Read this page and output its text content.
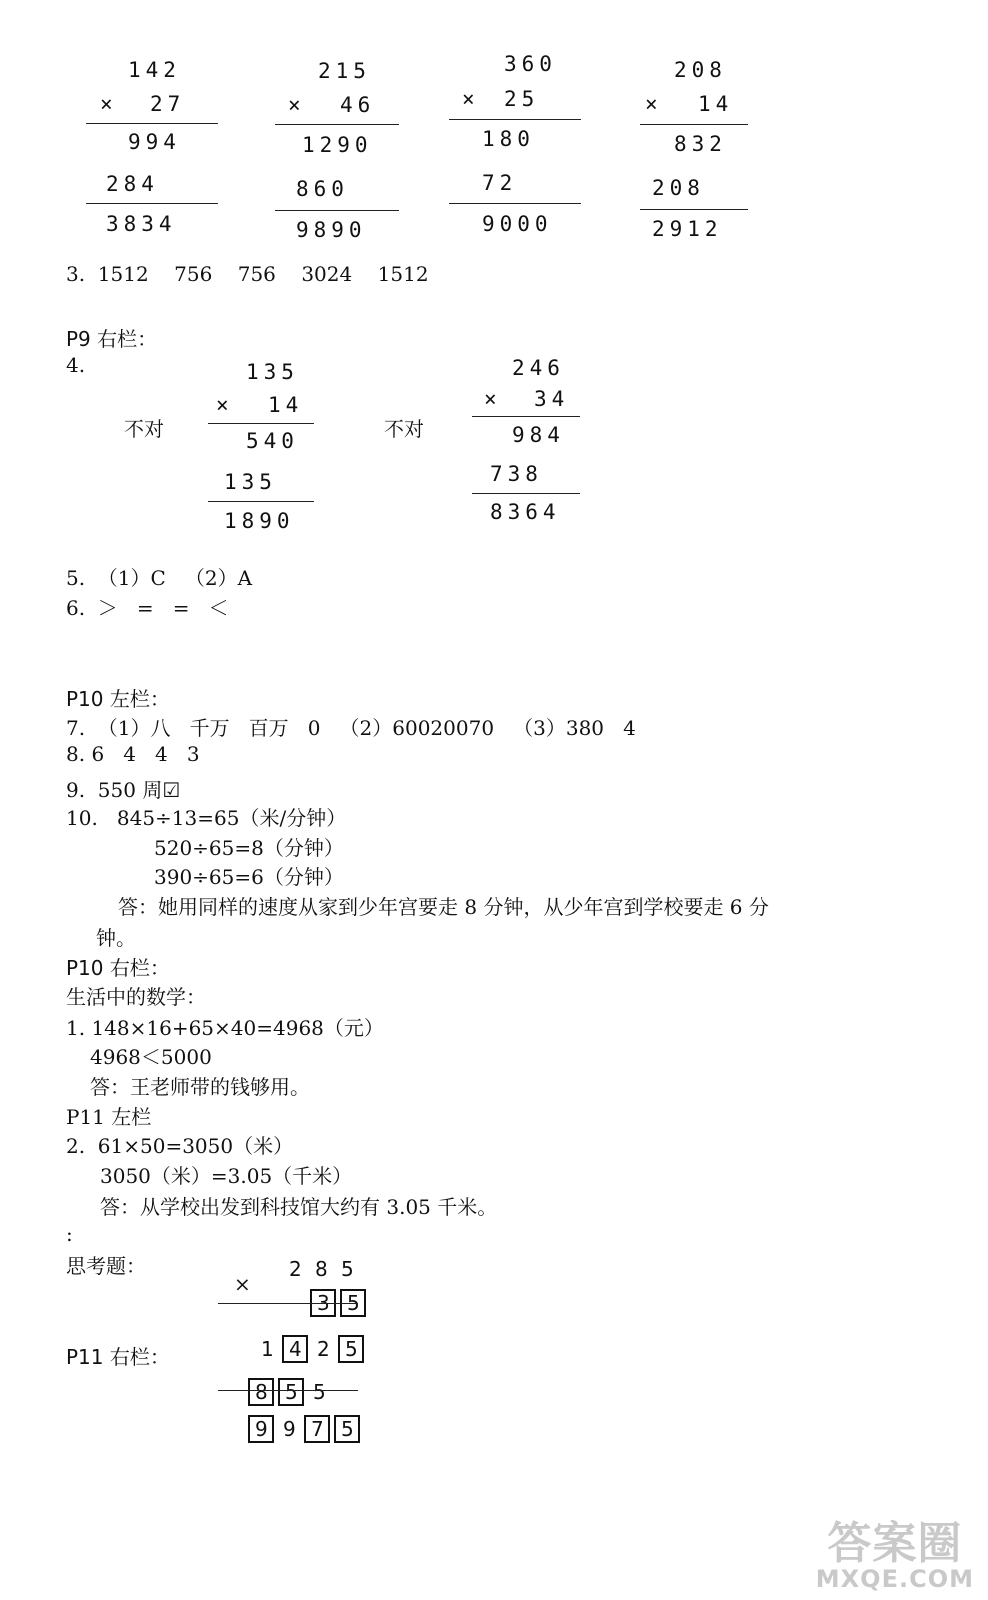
142
× 27
994
284
3834
215
× 46
1290
860
9890
360
× 25
180
72
9000
208
× 14
832
208
2912
3.  1512    756    756    3024    1512
P9 右栏：
4.
不对
135
× 14
540
135
1890
不对
246
× 34
984
738
8364
5.  （1）C   （2）A
6.  ＞   =   =   ＜
P10 左栏：
7.  （1）八   千万   百万   0   （2）60020070   （3）380   4
8. 6   4   4   3
9.  550 周☑
10.   845÷13=65（米/分钟）
520÷65=8（分钟）
390÷65=6（分钟）
答：她用同样的速度从家到少年宫要走 8 分钟，从少年宫到学校要走 6 分
钟。
P10 右栏：
生活中的数学：
1. 148×16+65×40=4968（元）
4968＜5000
答：王老师带的钱够用。
P11 左栏
2.  61×50=3050（米）
3050（米）=3.05（千米）
答：从学校出发到科技馆大约有 3.05 千米。
:
思考题：
P11 右栏：

2 8 5

×

3 5

1 4 2 5

8 5 5

9 9 7 5

答案圈
MXQE.COM
